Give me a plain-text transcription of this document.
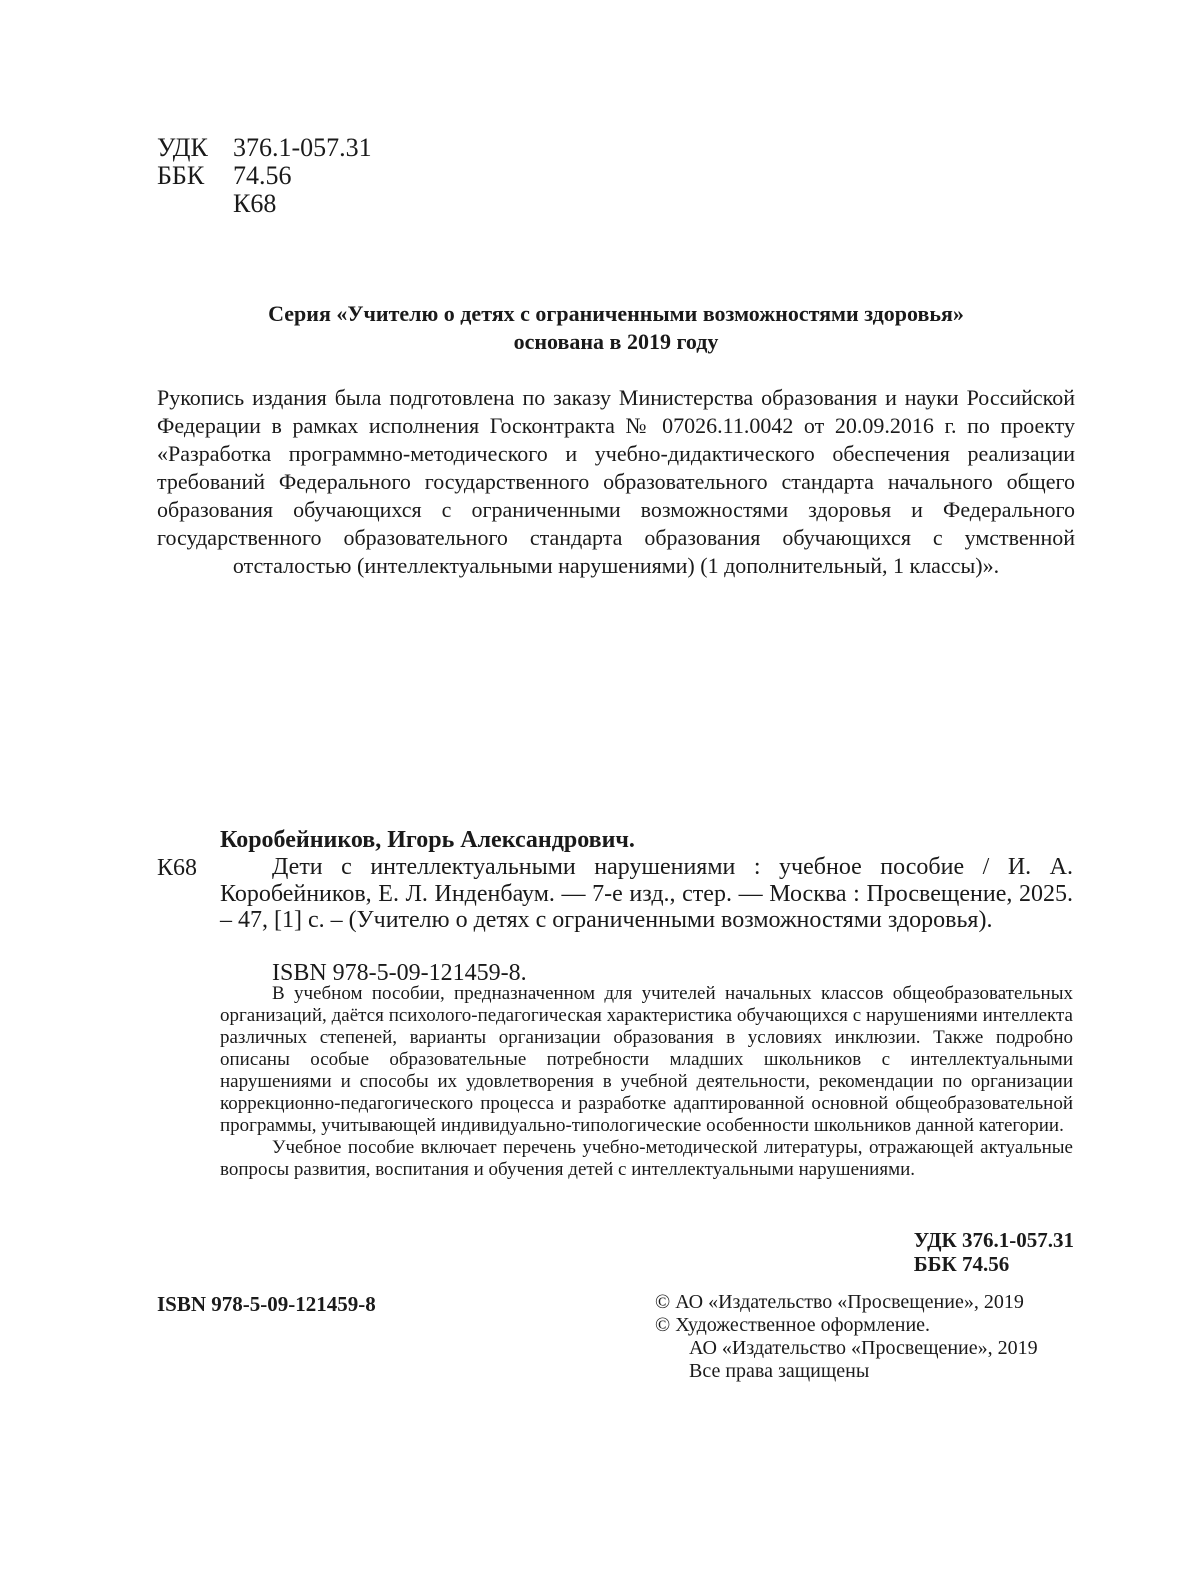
УДК 376.1-057.31
ББК	74.56
К68
Серия «Учителю о детях с ограниченными возможностями здоровья»
основана в 2019 году

Рукопись издания была подготовлена по заказу Министерства образования и науки Российской Федерации в рамках исполнения Госконтракта № 07026.11.0042 от 20.09.2016 г. по проекту «Разработка программно-методического и учебно-дидактического обеспечения реализации требований Федерального государственного образовательного стандарта начального общего образования обучающихся с ограниченными возможностями здоровья и Федерального государственного образовательного стандарта образования обучающихся с умственной отсталостью (интеллектуальными нарушениями) (1 дополнительный, 1 классы)».

Коробейников, Игорь Александрович.
К68	Дети с интеллектуальными нарушениями : учебное пособие / И. А. Коробейников, Е. Л. Инденбаум. — 7-е изд., стер. — Москва : Просвещение, 2025. – 47, [1] с. – (Учителю о детях с ограниченными возможностями здоровья).
ISBN 978-5-09-121459-8.

В учебном пособии, предназначенном для учителей начальных классов общеобразовательных организаций, даётся психолого-педагогическая характеристика обучающихся с нарушениями интеллекта различных степеней, варианты организации образования в условиях инклюзии. Также подробно описаны особые образовательные потребности младших школьников с интеллектуальными нарушениями и способы их удовлетворения в учебной деятельности, рекомендации по организации коррекционно-педагогического процесса и разработке адаптированной основной общеобразовательной программы, учитывающей индивидуально-типологические особенности школьников данной категории.

Учебное пособие включает перечень учебно-методической литературы, отражающей актуальные вопросы развития, воспитания и обучения детей с интеллектуальными нарушениями.

УДК 376.1-057.31
ББК 74.56
ISBN 978-5-09-121459-8	© АО «Издательство «Просвещение», 2019
© Художественное оформление.
АО «Издательство «Просвещение», 2019
Все права защищены
